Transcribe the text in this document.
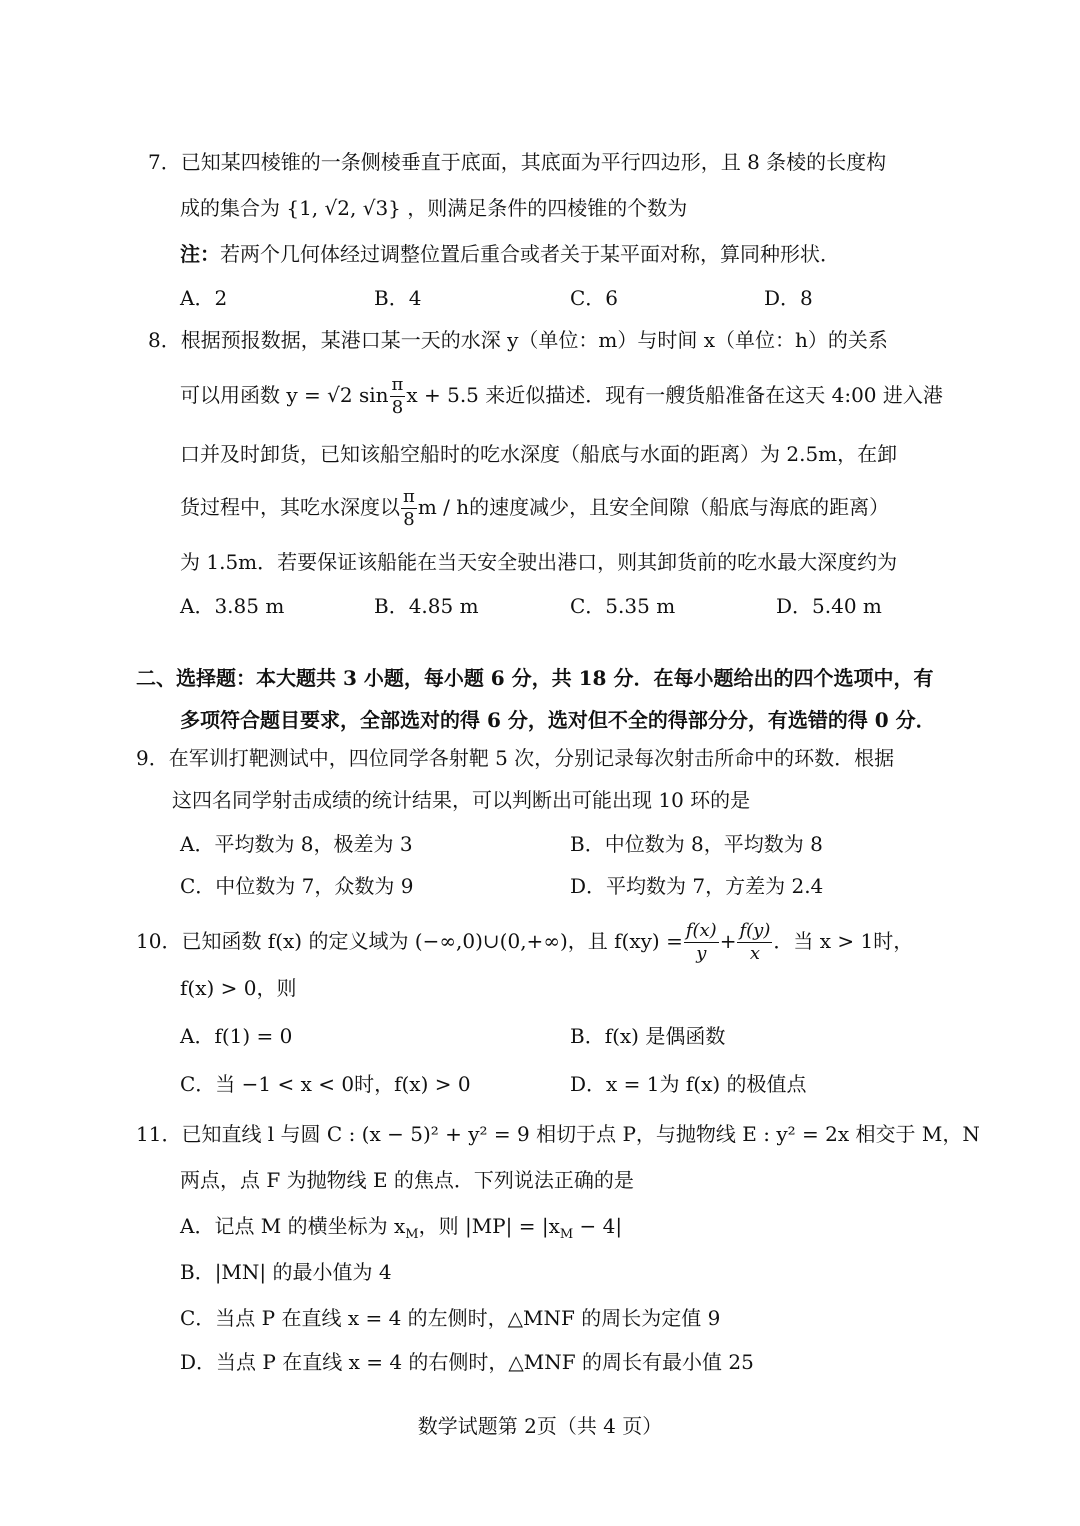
7．已知某四棱锥的一条侧棱垂直于底面，其底面为平行四边形，且 8 条棱的长度构
成的集合为 {1, √2, √3} ，则满足条件的四棱锥的个数为
注：若两个几何体经过调整位置后重合或者关于某平面对称，算同种形状．
A．2	B．4	C．6	D．8
8．根据预报数据，某港口某一天的水深 y（单位：m）与时间 x（单位：h）的关系
可以用函数 y = √2 $\sin \frac{\pi}{8}$ x + 5.5 来近似描述．现有一艘货船准备在这天 4:00 进入港
口并及时卸货，已知该船空船时的吃水深度（船底与水面的距离）为 2.5m，在卸
货过程中，其吃水深度以 $\frac{\pi}{8}$ m / h的速度减少，且安全间隙（船底与海底的距离）
为 1.5m．若要保证该船能在当天安全驶出港口，则其卸货前的吃水最大深度约为
A．3.85 m	B．4.85 m	C．5.35 m	D．5.40 m
二、选择题：本大题共 3 小题，每小题 6 分，共 18 分．在每小题给出的四个选项中，有
多项符合题目要求，全部选对的得 6 分，选对但不全的得部分分，有选错的得 0 分．
9．在军训打靶测试中，四位同学各射靶 5 次，分别记录每次射击所命中的环数．根据
这四名同学射击成绩的统计结果，可以判断出可能出现 10 环的是
A．平均数为 8，极差为 3	B．中位数为 8，平均数为 8
C．中位数为 7，众数为 9	D．平均数为 7，方差为 2.4
10．已知函数 f(x) 的定义域为 (−∞,0)∪(0,+∞)，且 $f(xy) = \frac{f(x)}{y} + \frac{f(y)}{x}$ ．当 x > 1时，
f(x) > 0，则
A．f(1) = 0	B．f(x) 是偶函数
C．当 −1 < x < 0时，f(x) > 0	D．x = 1为 f(x) 的极值点
11．已知直线 l 与圆 C : (x − 5)² + y² = 9 相切于点 P，与抛物线 E : y² = 2x 相交于 M，N
两点，点 F 为抛物线 E 的焦点．下列说法正确的是
A．记点 M 的横坐标为 $x_M$，则 $|MP| = |x_M - 4|$
B．|MN| 的最小值为 4
C．当点 P 在直线 x = 4 的左侧时，△MNF 的周长为定值 9
D．当点 P 在直线 x = 4 的右侧时，△MNF 的周长有最小值 25
数学试题第 2页（共 4 页）
